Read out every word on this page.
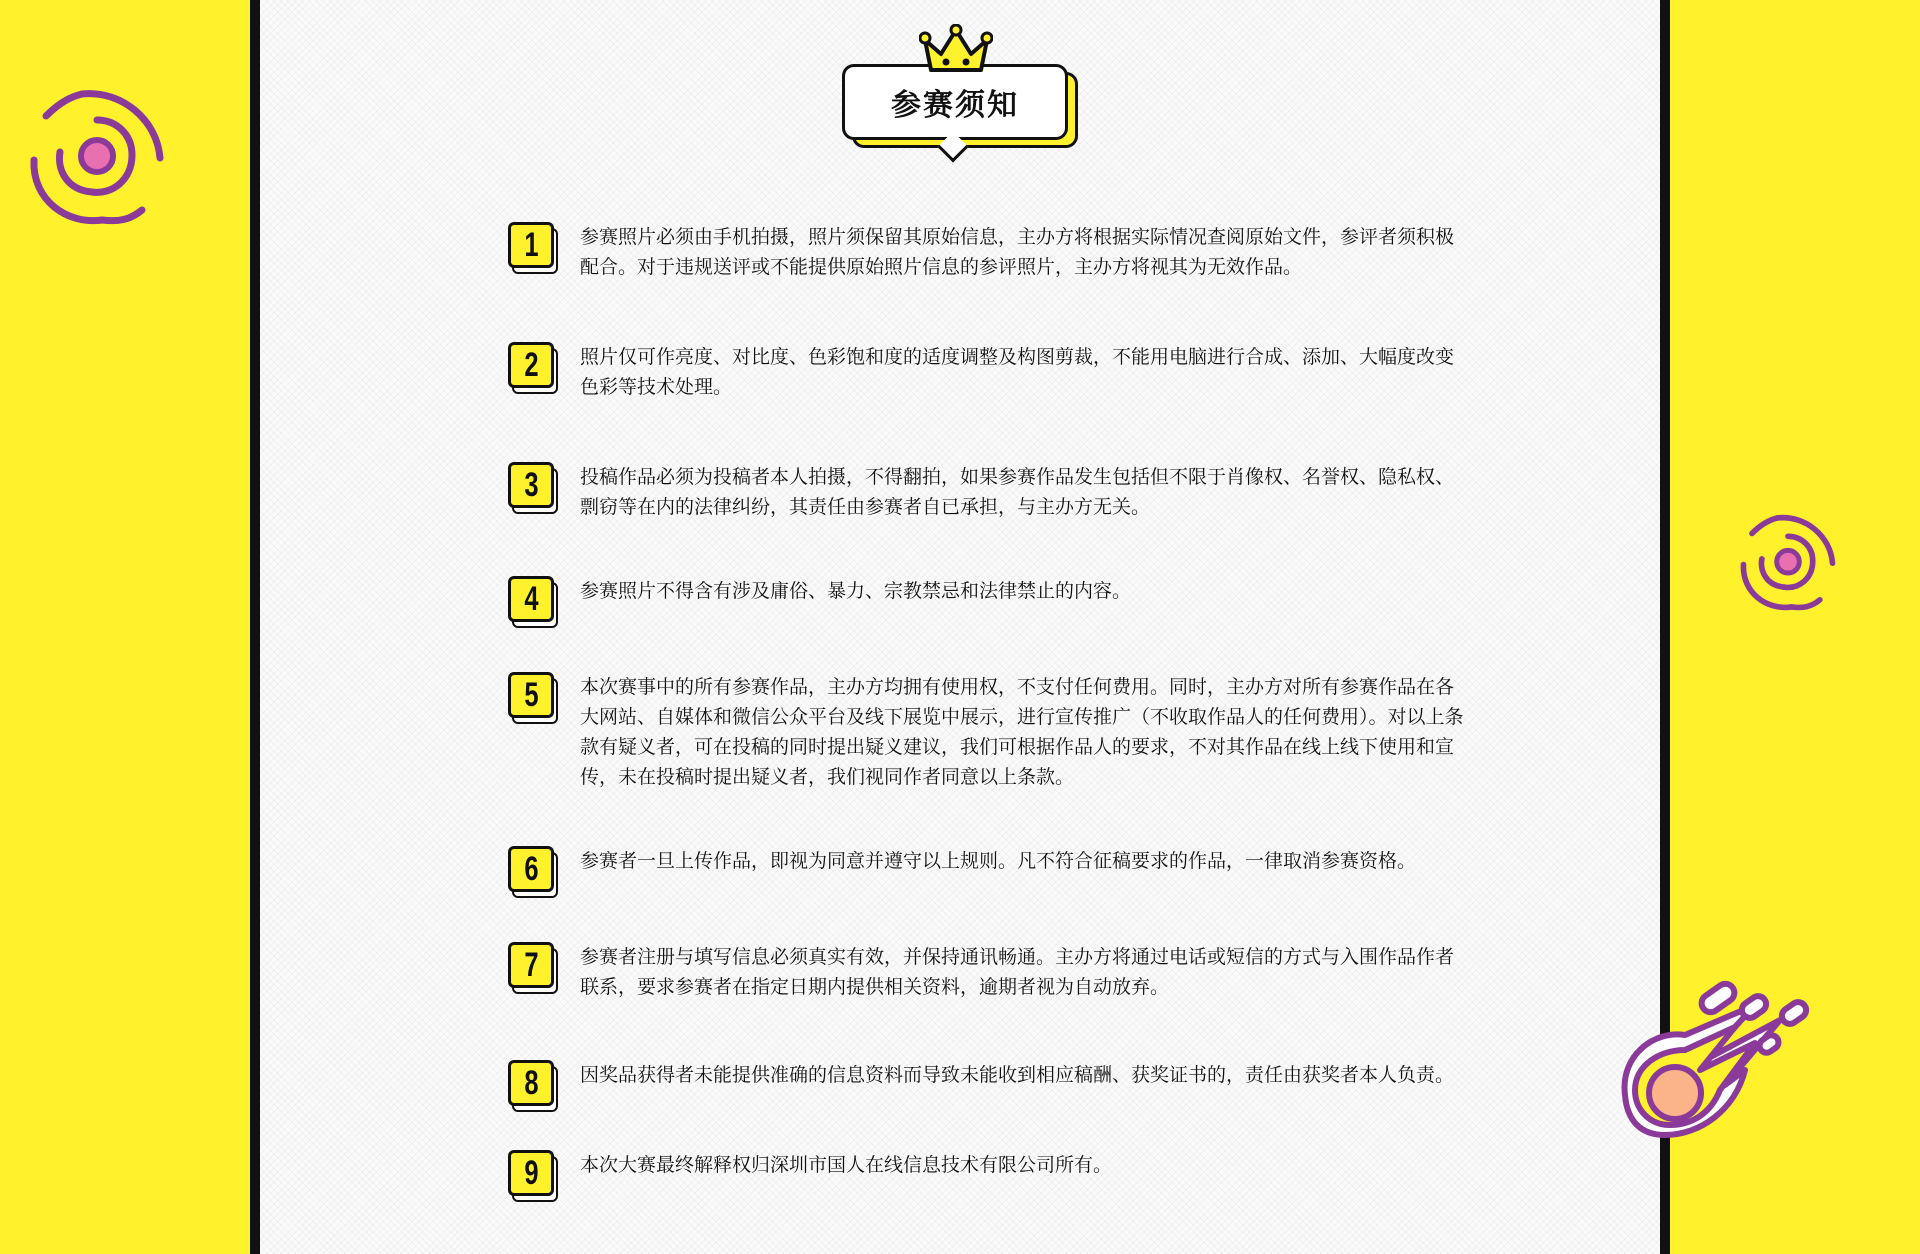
参赛须知
1 参赛照片必须由手机拍摄，照片须保留其原始信息，主办方将根据实际情况查阅原始文件，参评者须积极配合。对于违规送评或不能提供原始照片信息的参评照片，主办方将视其为无效作品。
2 照片仅可作亮度、对比度、色彩饱和度的适度调整及构图剪裁，不能用电脑进行合成、添加、大幅度改变色彩等技术处理。
3 投稿作品必须为投稿者本人拍摄，不得翻拍，如果参赛作品发生包括但不限于肖像权、名誉权、隐私权、剽窃等在内的法律纠纷，其责任由参赛者自已承担，与主办方无关。
4 参赛照片不得含有涉及庸俗、暴力、宗教禁忌和法律禁止的内容。
5 本次赛事中的所有参赛作品，主办方均拥有使用权，不支付任何费用。同时，主办方对所有参赛作品在各大网站、自媒体和微信公众平台及线下展览中展示，进行宣传推广（不收取作品人的任何费用）。对以上条款有疑义者，可在投稿的同时提出疑义建议，我们可根据作品人的要求，不对其作品在线上线下使用和宣传，未在投稿时提出疑义者，我们视同作者同意以上条款。
6 参赛者一旦上传作品，即视为同意并遵守以上规则。凡不符合征稿要求的作品，一律取消参赛资格。
7 参赛者注册与填写信息必须真实有效，并保持通讯畅通。主办方将通过电话或短信的方式与入围作品作者联系，要求参赛者在指定日期内提供相关资料，逾期者视为自动放弃。
8 因奖品获得者未能提供准确的信息资料而导致未能收到相应稿酬、获奖证书的，责任由获奖者本人负责。
9 本次大赛最终解释权归深圳市国人在线信息技术有限公司所有。
